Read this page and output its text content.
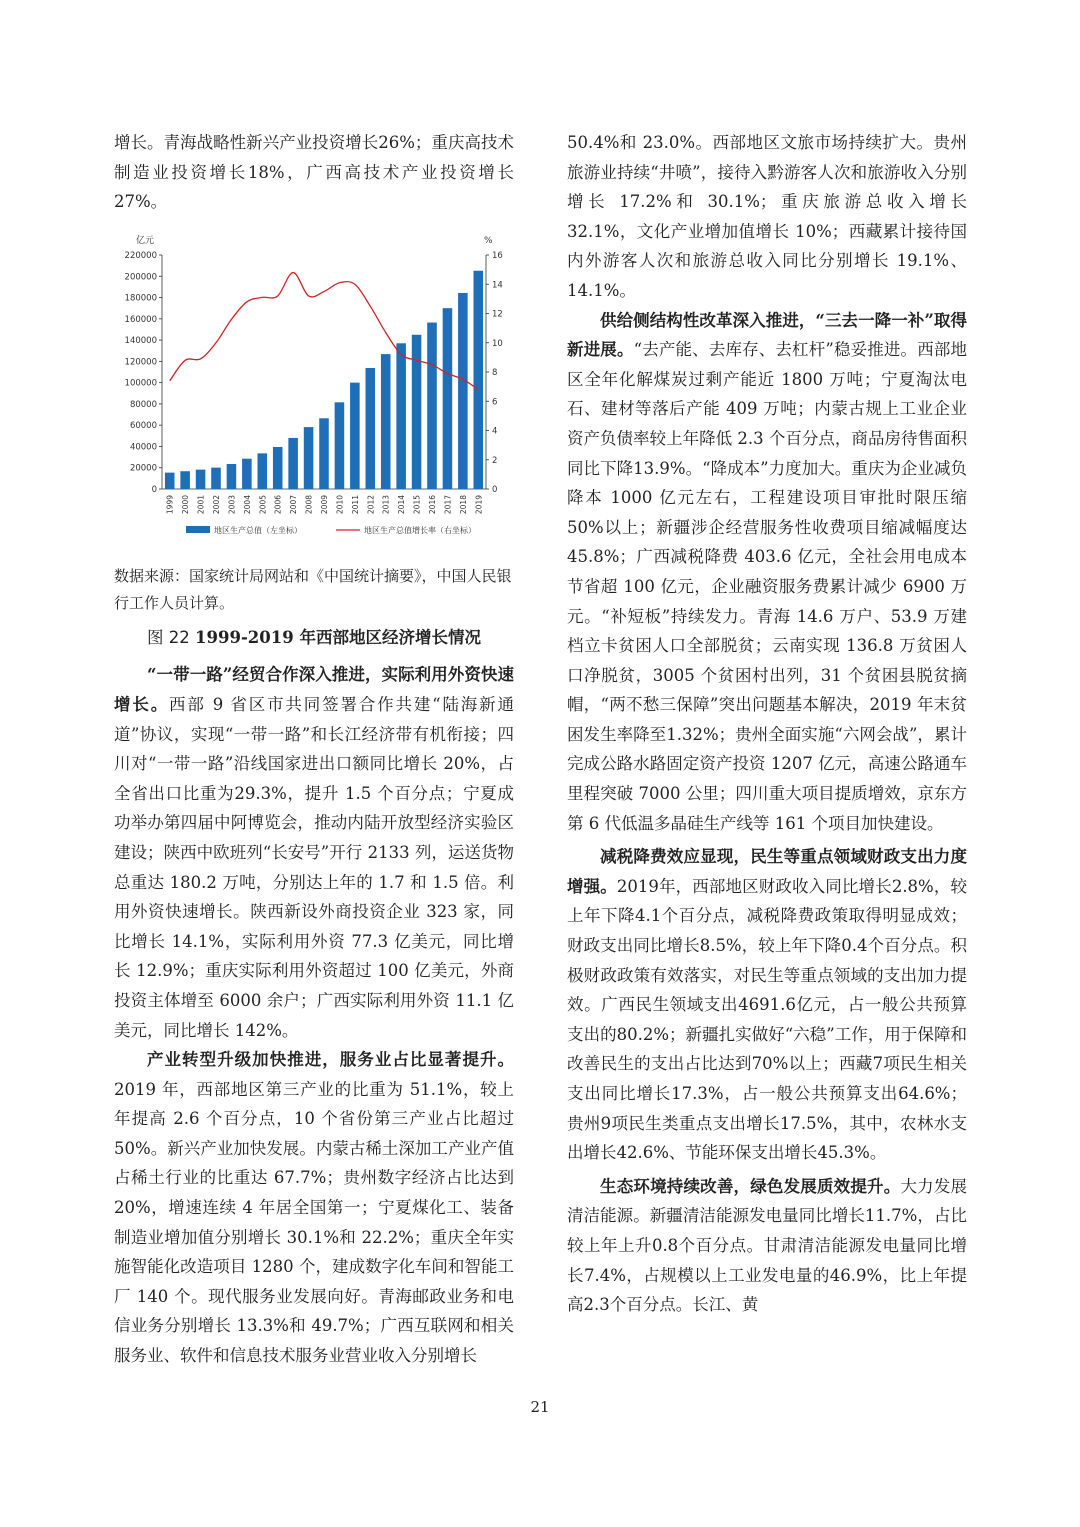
增长。青海战略性新兴产业投资增长26%；重庆高技术制造业投资增长18%，广西高技术产业投资增长27%。

亿元	%
0
20000
40000
60000
80000
100000
120000
140000
160000
180000
200000
220000
0
2
4
6
8
10
12
14
16
1999 2000 2001 2002 2003 2004 2005 2006 2007 2008 2009 2010 2011 2012 2013 2014 2015 2016 2017 2018 2019
地区生产总值（左坐标）	地区生产总值增长率（右坐标）

数据来源：国家统计局网站和《中国统计摘要》，中国人民银行工作人员计算。

图 22 1999-2019 年西部地区经济增长情况

“一带一路”经贸合作深入推进，实际利用外资快速增长。西部 9 省区市共同签署合作共建“陆海新通道”协议，实现“一带一路”和长江经济带有机衔接；四川对“一带一路”沿线国家进出口额同比增长 20%，占全省出口比重为29.3%，提升 1.5 个百分点；宁夏成功举办第四届中阿博览会，推动内陆开放型经济实验区建设；陕西中欧班列“长安号”开行 2133 列，运送货物总重达 180.2 万吨，分别达上年的 1.7 和 1.5 倍。利用外资快速增长。陕西新设外商投资企业 323 家，同比增长 14.1%，实际利用外资 77.3 亿美元，同比增长 12.9%；重庆实际利用外资超过 100 亿美元，外商投资主体增至 6000 余户；广西实际利用外资 11.1 亿美元，同比增长 142%。

产业转型升级加快推进，服务业占比显著提升。2019 年，西部地区第三产业的比重为 51.1%，较上年提高 2.6 个百分点，10 个省份第三产业占比超过 50%。新兴产业加快发展。内蒙古稀土深加工产业产值占稀土行业的比重达 67.7%；贵州数字经济占比达到 20%，增速连续 4 年居全国第一；宁夏煤化工、装备制造业增加值分别增长 30.1%和 22.2%；重庆全年实施智能化改造项目 1280 个，建成数字化车间和智能工厂 140 个。现代服务业发展向好。青海邮政业务和电信业务分别增长 13.3%和 49.7%；广西互联网和相关服务业、软件和信息技术服务业营业收入分别增长

50.4%和 23.0%。西部地区文旅市场持续扩大。贵州旅游业持续“井喷”，接待入黔游客人次和旅游收入分别增长 17.2%和 30.1%；重庆旅游总收入增长 32.1%，文化产业增加值增长 10%；西藏累计接待国内外游客人次和旅游总收入同比分别增长 19.1%、14.1%。

供给侧结构性改革深入推进，“三去一降一补”取得新进展。“去产能、去库存、去杠杆”稳妥推进。西部地区全年化解煤炭过剩产能近 1800 万吨；宁夏淘汰电石、建材等落后产能 409 万吨；内蒙古规上工业企业资产负债率较上年降低 2.3 个百分点，商品房待售面积同比下降13.9%。“降成本”力度加大。重庆为企业减负降本 1000 亿元左右，工程建设项目审批时限压缩50%以上；新疆涉企经营服务性收费项目缩减幅度达 45.8%；广西减税降费 403.6 亿元，全社会用电成本节省超 100 亿元，企业融资服务费累计减少 6900 万元。“补短板”持续发力。青海 14.6 万户、53.9 万建档立卡贫困人口全部脱贫；云南实现 136.8 万贫困人口净脱贫，3005 个贫困村出列，31 个贫困县脱贫摘帽，“两不愁三保障”突出问题基本解决，2019 年末贫困发生率降至1.32%；贵州全面实施“六网会战”，累计完成公路水路固定资产投资 1207 亿元，高速公路通车里程突破 7000 公里；四川重大项目提质增效，京东方第 6 代低温多晶硅生产线等 161 个项目加快建设。

减税降费效应显现，民生等重点领域财政支出力度增强。2019年，西部地区财政收入同比增长2.8%，较上年下降4.1个百分点，减税降费政策取得明显成效；财政支出同比增长8.5%，较上年下降0.4个百分点。积极财政政策有效落实，对民生等重点领域的支出加力提效。广西民生领域支出4691.6亿元，占一般公共预算支出的80.2%；新疆扎实做好“六稳”工作，用于保障和改善民生的支出占比达到70%以上；西藏7项民生相关支出同比增长17.3%，占一般公共预算支出64.6%；贵州9项民生类重点支出增长17.5%，其中，农林水支出增长42.6%、节能环保支出增长45.3%。

生态环境持续改善，绿色发展质效提升。大力发展清洁能源。新疆清洁能源发电量同比增长11.7%，占比较上年上升0.8个百分点。甘肃清洁能源发电量同比增长7.4%，占规模以上工业发电量的46.9%，比上年提高2.3个百分点。长江、黄

21
